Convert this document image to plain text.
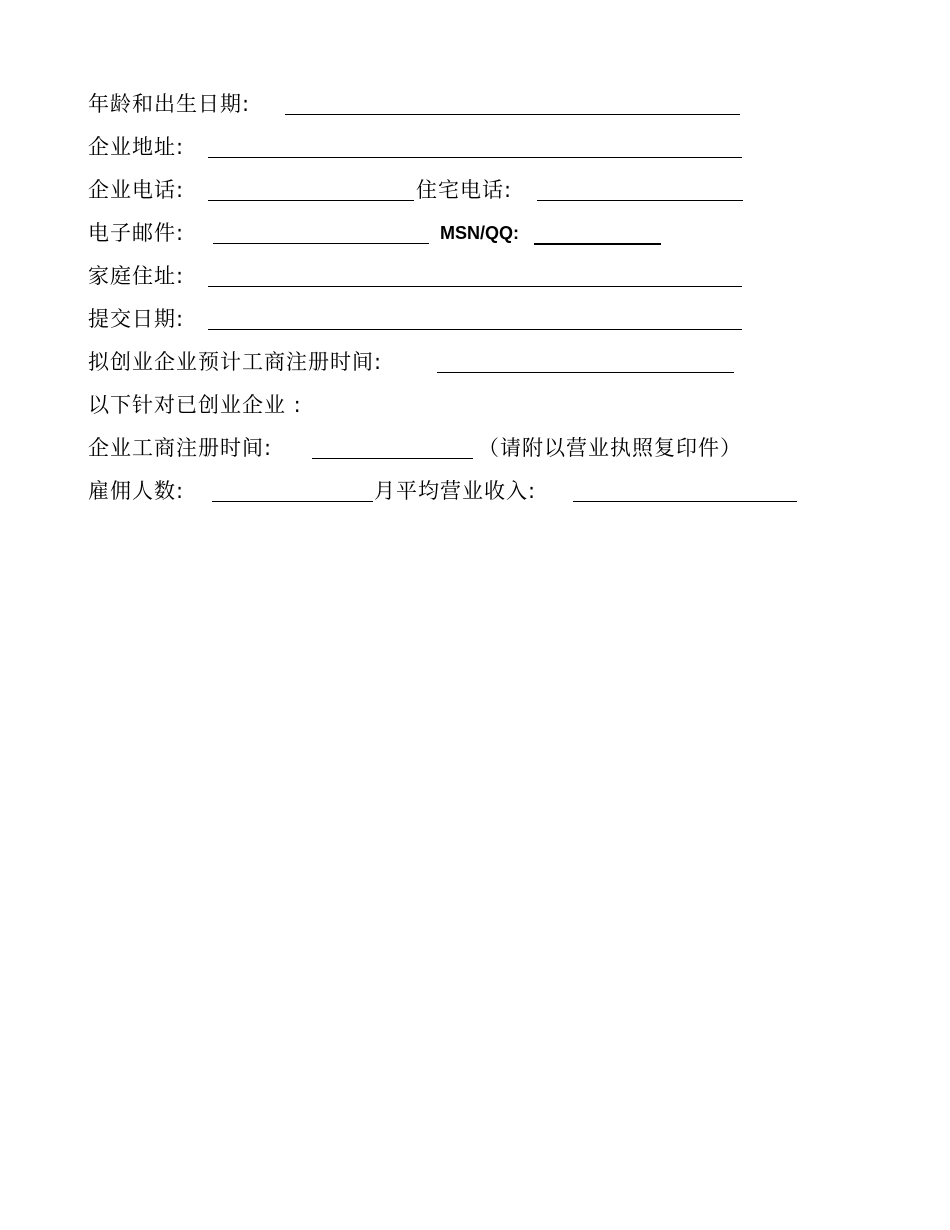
年龄和出生日期:
企业地址:
企业电话:	住宅电话:
电子邮件:	MSN/QQ:
家庭住址:
提交日期:
拟创业企业预计工商注册时间:
以下针对已创业企业 :
企业工商注册时间:	（请附以营业执照复印件）
雇佣人数:	月平均营业收入:
